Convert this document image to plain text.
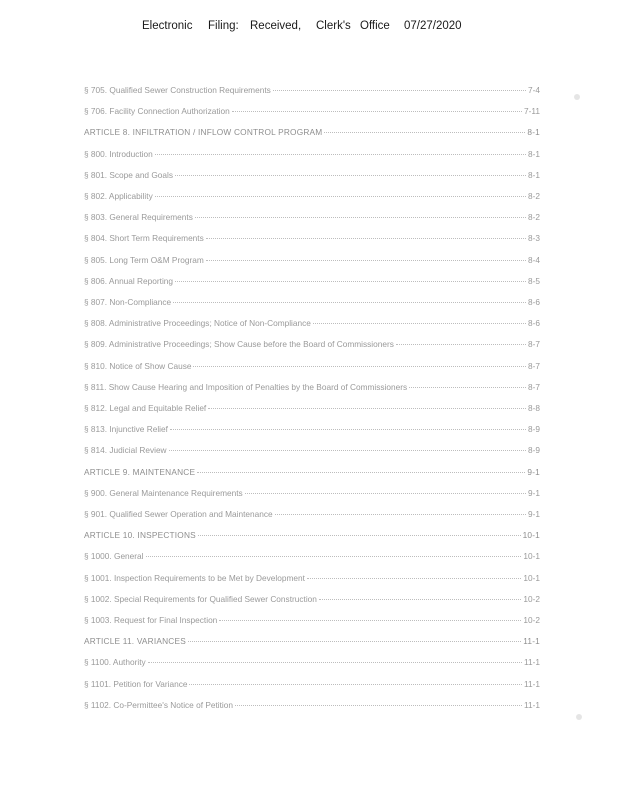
Electronic Filing: Received, Clerk's Office 07/27/2020
§ 705. Qualified Sewer Construction Requirements	7-4
§ 706. Facility Connection Authorization	7-11
ARTICLE 8. INFILTRATION / INFLOW CONTROL PROGRAM	8-1
§ 800. Introduction	8-1
§ 801. Scope and Goals	8-1
§ 802. Applicability	8-2
§ 803. General Requirements	8-2
§ 804. Short Term Requirements	8-3
§ 805. Long Term O&M Program	8-4
§ 806. Annual Reporting	8-5
§ 807. Non-Compliance	8-6
§ 808. Administrative Proceedings; Notice of Non-Compliance	8-6
§ 809. Administrative Proceedings; Show Cause before the Board of Commissioners	8-7
§ 810. Notice of Show Cause	8-7
§ 811. Show Cause Hearing and Imposition of Penalties by the Board of Commissioners	8-7
§ 812. Legal and Equitable Relief	8-8
§ 813. Injunctive Relief	8-9
§ 814. Judicial Review	8-9
ARTICLE 9. MAINTENANCE	9-1
§ 900. General Maintenance Requirements	9-1
§ 901. Qualified Sewer Operation and Maintenance	9-1
ARTICLE 10. INSPECTIONS	10-1
§ 1000. General	10-1
§ 1001. Inspection Requirements to be Met by Development	10-1
§ 1002. Special Requirements for Qualified Sewer Construction	10-2
§ 1003. Request for Final Inspection	10-2
ARTICLE 11. VARIANCES	11-1
§ 1100. Authority	11-1
§ 1101. Petition for Variance	11-1
§ 1102. Co-Permittee's Notice of Petition	11-1
